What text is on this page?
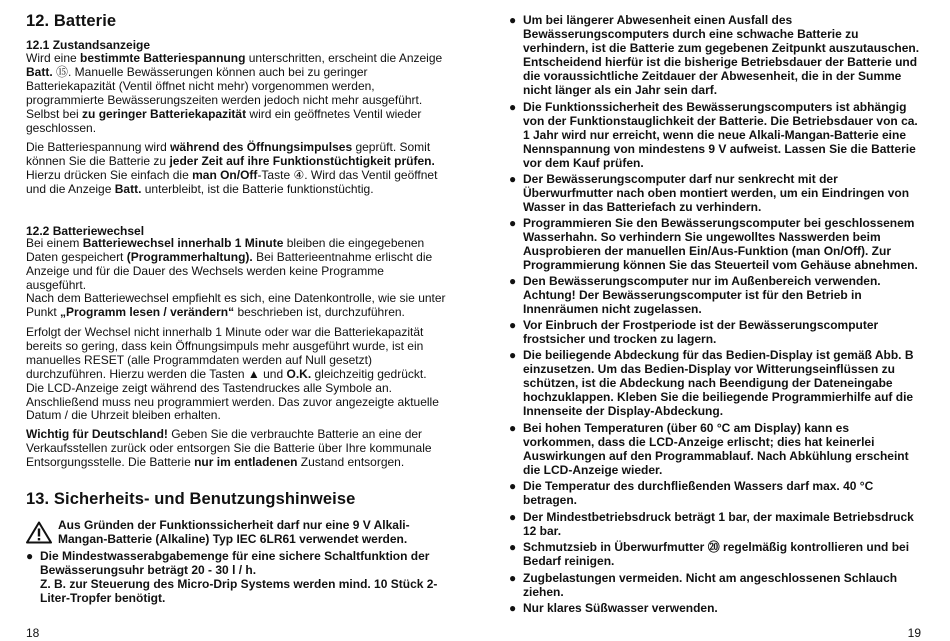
12. Batterie
12.1 Zustandsanzeige

Wird eine bestimmte Batteriespannung unterschritten, erscheint die Anzeige Batt. ⑮. Manuelle Bewässerungen können auch bei zu geringer Batteriekapazität (Ventil öffnet nicht mehr) vorgenommen werden, programmierte Bewässerungszeiten werden jedoch nicht mehr ausgeführt. Selbst bei zu geringer Batteriekapazität wird ein geöffnetes Ventil wieder geschlossen.

Die Batteriespannung wird während des Öffnungsimpulses geprüft. Somit können Sie die Batterie zu jeder Zeit auf ihre Funktionstüchtigkeit prüfen. Hierzu drücken Sie einfach die man On/Off-Taste ④. Wird das Ventil geöffnet und die Anzeige Batt. unterbleibt, ist die Batterie funktionstüchtig.

12.2 Batteriewechsel

Bei einem Batteriewechsel innerhalb 1 Minute bleiben die eingegebenen Daten gespeichert (Programmerhaltung). Bei Batterieentnahme erlischt die Anzeige und für die Dauer des Wechsels werden keine Programme ausgeführt.

Nach dem Batteriewechsel empfiehlt es sich, eine Datenkontrolle, wie sie unter Punkt „Programm lesen / verändern“ beschrieben ist, durchzuführen.

Erfolgt der Wechsel nicht innerhalb 1 Minute oder war die Batteriekapazität bereits so gering, dass kein Öffnungsimpuls mehr ausgeführt wurde, ist ein manuelles RESET (alle Programmdaten werden auf Null gesetzt) durchzuführen. Hierzu werden die Tasten ▲ und O.K. gleichzeitig gedrückt. Die LCD-Anzeige zeigt während des Tastendruckes alle Symbole an. Anschließend muss neu programmiert werden. Das zuvor angezeigte aktuelle Datum / die Uhrzeit bleiben erhalten.

Wichtig für Deutschland! Geben Sie die verbrauchte Batterie an eine der Verkaufsstellen zurück oder entsorgen Sie die Batterie über Ihre kommunale Entsorgungsstelle. Die Batterie nur im entladenen Zustand entsorgen.

13. Sicherheits- und Benutzungshinweise
Aus Gründen der Funktionssicherheit darf nur eine 9 V Alkali-Mangan-Batterie (Alkaline) Typ IEC 6LR61 verwendet werden.
● Die Mindestwasserabgabemenge für eine sichere Schaltfunktion der Bewässerungsuhr beträgt 20 - 30 l / h.
Z. B. zur Steuerung des Micro-Drip Systems werden mind. 10 Stück 2-Liter-Tropfer benötigt.
18
● Um bei längerer Abwesenheit einen Ausfall des Bewässerungscomputers durch eine schwache Batterie zu verhindern, ist die Batterie zum gegebenen Zeitpunkt auszutauschen. Entscheidend hierfür ist die bisherige Betriebsdauer der Batterie und die voraussichtliche Zeitdauer der Abwesenheit, die in der Summe nicht länger als ein Jahr sein darf.
● Die Funktionssicherheit des Bewässerungscomputers ist abhängig von der Funktionstauglichkeit der Batterie. Die Betriebsdauer von ca. 1 Jahr wird nur erreicht, wenn die neue Alkali-Mangan-Batterie eine Nennspannung von mindestens 9 V aufweist. Lassen Sie die Batterie vor dem Kauf prüfen.
● Der Bewässerungscomputer darf nur senkrecht mit der Überwurfmutter nach oben montiert werden, um ein Eindringen von Wasser in das Batteriefach zu verhindern.
● Programmieren Sie den Bewässerungscomputer bei geschlossenem Wasserhahn. So verhindern Sie ungewolltes Nasswerden beim Ausprobieren der manuellen Ein/Aus-Funktion (man On/Off). Zur Programmierung können Sie das Steuerteil vom Gehäuse abnehmen.
● Den Bewässerungscomputer nur im Außenbereich verwenden. Achtung! Der Bewässerungscomputer ist für den Betrieb in Innenräumen nicht zugelassen.
● Vor Einbruch der Frostperiode ist der Bewässerungscomputer frostsicher und trocken zu lagern.
● Die beiliegende Abdeckung für das Bedien-Display ist gemäß Abb. B einzusetzen. Um das Bedien-Display vor Witterungseinflüssen zu schützen, ist die Abdeckung nach Beendigung der Dateneingabe hochzuklappen. Kleben Sie die beiliegende Programmierhilfe auf die Innenseite der Display-Abdeckung.
● Bei hohen Temperaturen (über 60 °C am Display) kann es vorkommen, dass die LCD-Anzeige erlischt; dies hat keinerlei Auswirkungen auf den Programmablauf. Nach Abkühlung erscheint die LCD-Anzeige wieder.
● Die Temperatur des durchfließenden Wassers darf max. 40 °C betragen.
● Der Mindestbetriebsdruck beträgt 1 bar, der maximale Betriebsdruck 12 bar.
● Schmutzsieb in Überwurfmutter ⑳ regelmäßig kontrollieren und bei Bedarf reinigen.
● Zugbelastungen vermeiden. Nicht am angeschlossenen Schlauch ziehen.
● Nur klares Süßwasser verwenden.
19
